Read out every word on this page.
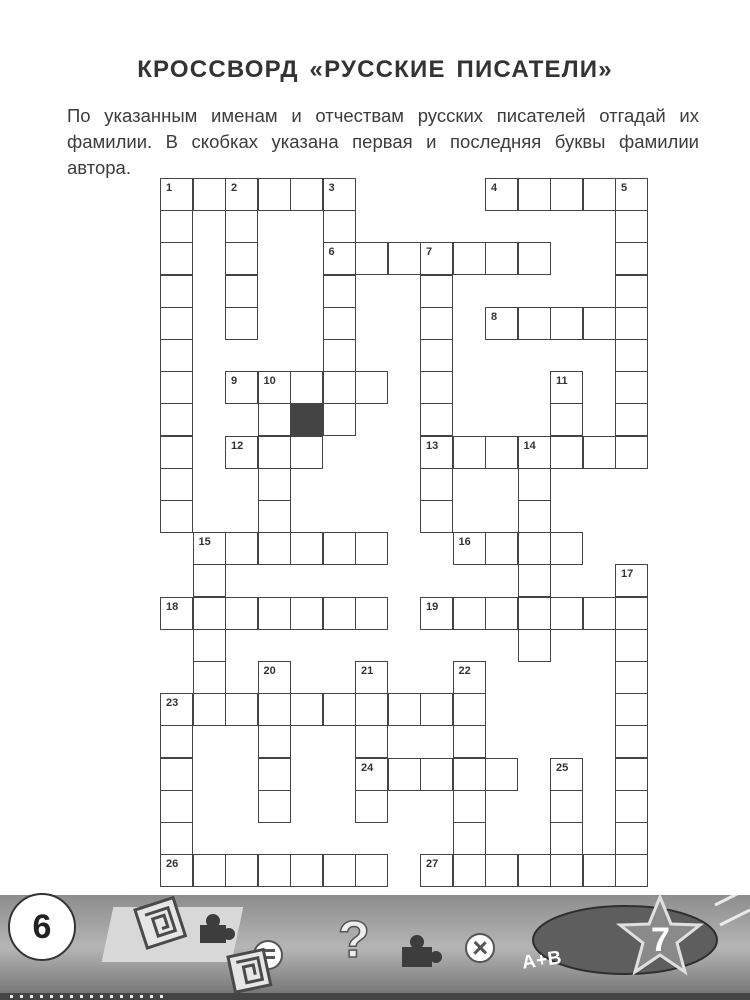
КРОССВОРД «РУССКИЕ ПИСАТЕЛИ»
По указанным именам и отчествам русских писателей отгадай их фамилии. В скобках указана первая и последняя буквы фамилии автора.
1	2	3
6
4	5
7
13
8
9 10	11
12	14
15	16
17
18	19
20	21
24
22
23
26
25
27
?	7
6
A+B
